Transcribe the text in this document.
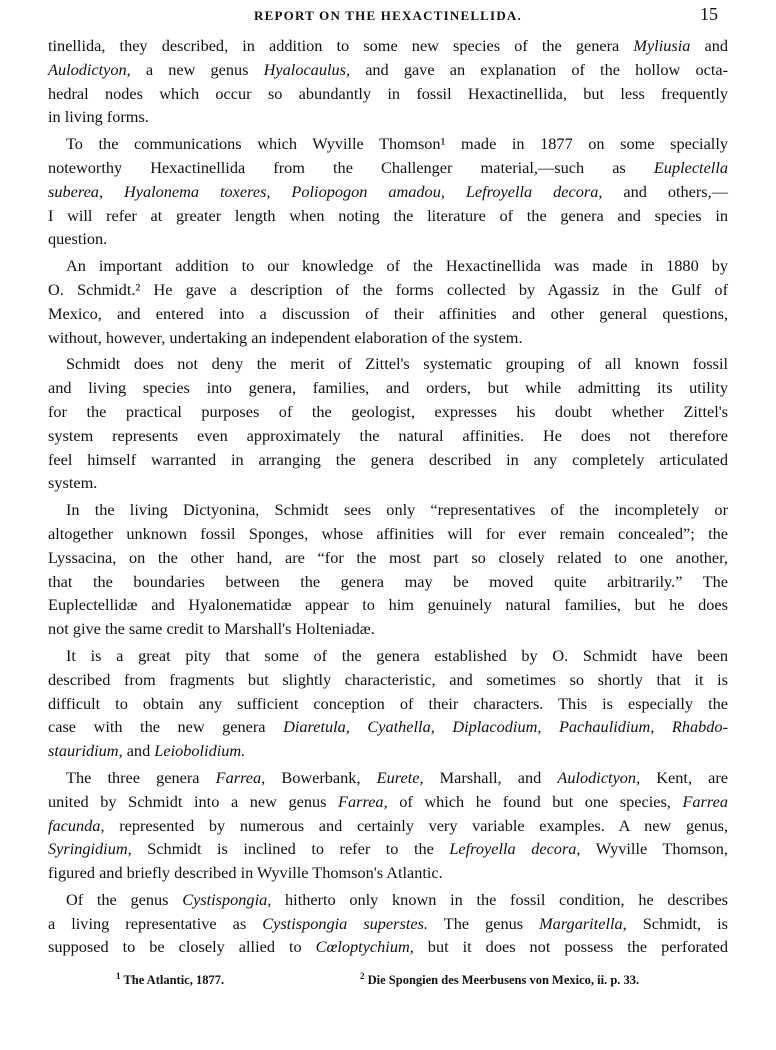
REPORT ON THE HEXACTINELLIDA.	15
tinellida, they described, in addition to some new species of the genera Myliusia and
Aulodictyon, a new genus Hyalocaulus, and gave an explanation of the hollow octa-
hedral nodes which occur so abundantly in fossil Hexactinellida, but less frequently
in living forms.
To the communications which Wyville Thomson¹ made in 1877 on some specially
noteworthy Hexactinellida from the Challenger material,—such as Euplectella
suberea, Hyalonema toxeres, Poliopogon amadou, Lefroyella decora, and others,—
I will refer at greater length when noting the literature of the genera and species in
question.
An important addition to our knowledge of the Hexactinellida was made in 1880 by
O. Schmidt.² He gave a description of the forms collected by Agassiz in the Gulf of
Mexico, and entered into a discussion of their affinities and other general questions,
without, however, undertaking an independent elaboration of the system.
Schmidt does not deny the merit of Zittel's systematic grouping of all known fossil
and living species into genera, families, and orders, but while admitting its utility
for the practical purposes of the geologist, expresses his doubt whether Zittel's
system represents even approximately the natural affinities. He does not therefore
feel himself warranted in arranging the genera described in any completely articulated
system.
In the living Dictyonina, Schmidt sees only “representatives of the incompletely or
altogether unknown fossil Sponges, whose affinities will for ever remain concealed”; the
Lyssacina, on the other hand, are “for the most part so closely related to one another,
that the boundaries between the genera may be moved quite arbitrarily.” The
Euplectellidæ and Hyalonematidæ appear to him genuinely natural families, but he does
not give the same credit to Marshall's Holteniadæ.
It is a great pity that some of the genera established by O. Schmidt have been
described from fragments but slightly characteristic, and sometimes so shortly that it is
difficult to obtain any sufficient conception of their characters. This is especially the
case with the new genera Diaretula, Cyathella, Diplacodium, Pachaulidium, Rhabdo-
stauridium, and Leiobolidium.
The three genera Farrea, Bowerbank, Eurete, Marshall, and Aulodictyon, Kent, are
united by Schmidt into a new genus Farrea, of which he found but one species, Farrea
facunda, represented by numerous and certainly very variable examples. A new genus,
Syringidium, Schmidt is inclined to refer to the Lefroyella decora, Wyville Thomson,
figured and briefly described in Wyville Thomson's Atlantic.
Of the genus Cystispongia, hitherto only known in the fossil condition, he describes
a living representative as Cystispongia superstes. The genus Margaritella, Schmidt, is
supposed to be closely allied to Cœloptychium, but it does not possess the perforated
$^1$ The Atlantic, 1877.	$^2$ Die Spongien des Meerbusens von Mexico, ii. p. 33.
